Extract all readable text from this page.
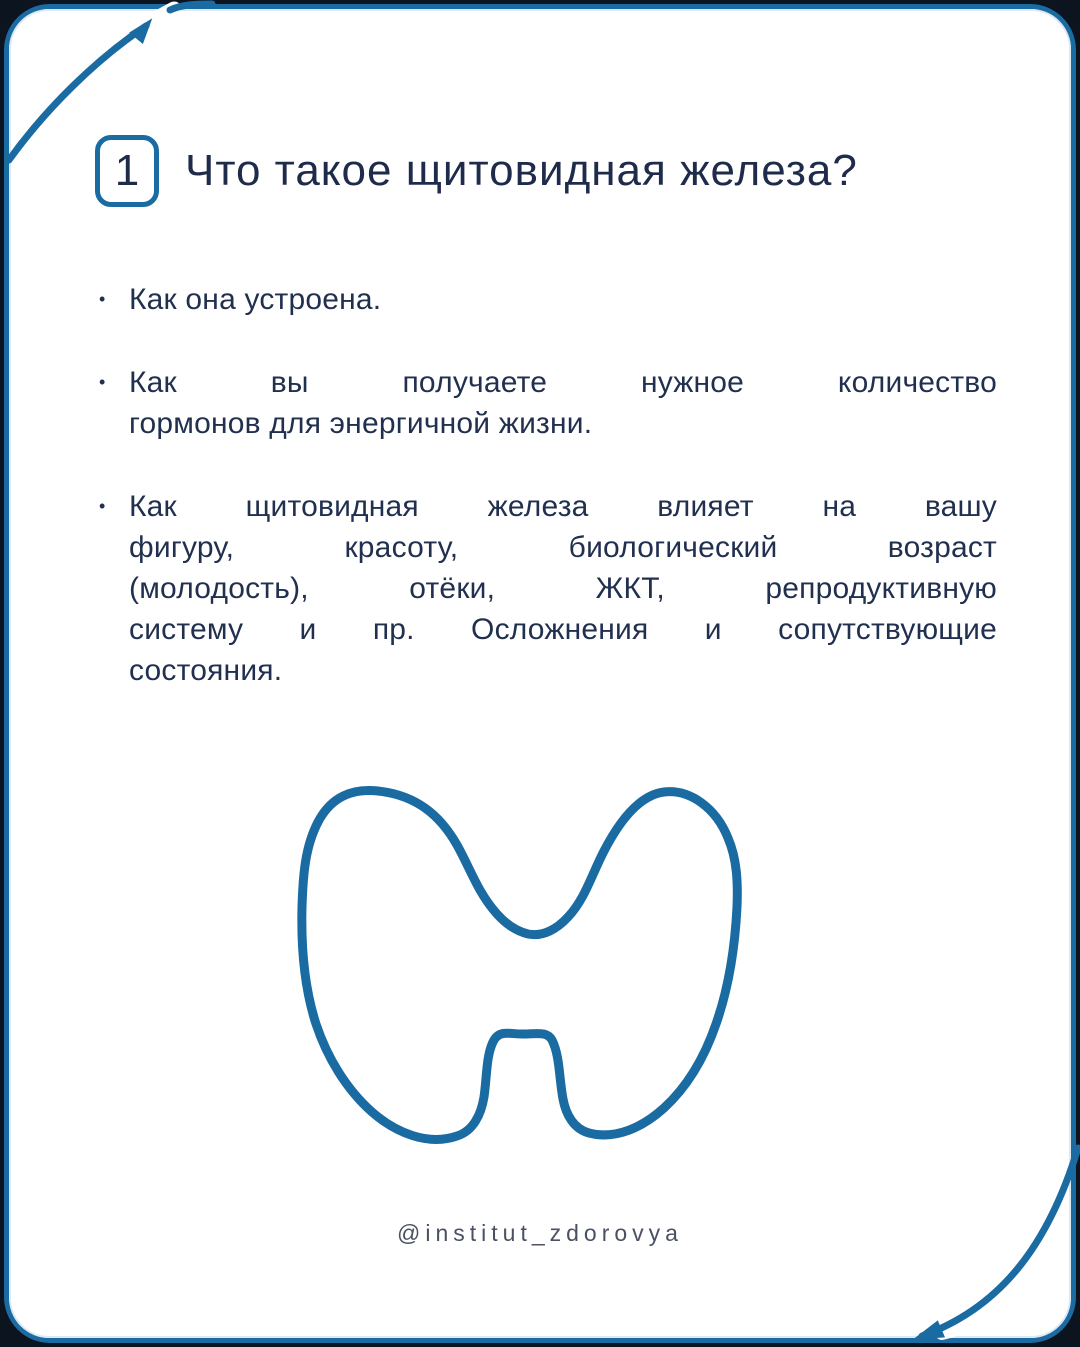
1 Что такое щитовидная железа?
• Как она устроена.
• Как вы получаете нужное количество
гормонов для энергичной жизни.
• Как щитовидная железа влияет на вашу
фигуру, красоту, биологический возраст
(молодость), отёки, ЖКТ, репродуктивную
систему и пр. Осложнения и сопутствующие
состояния.
@institut_zdorovya
